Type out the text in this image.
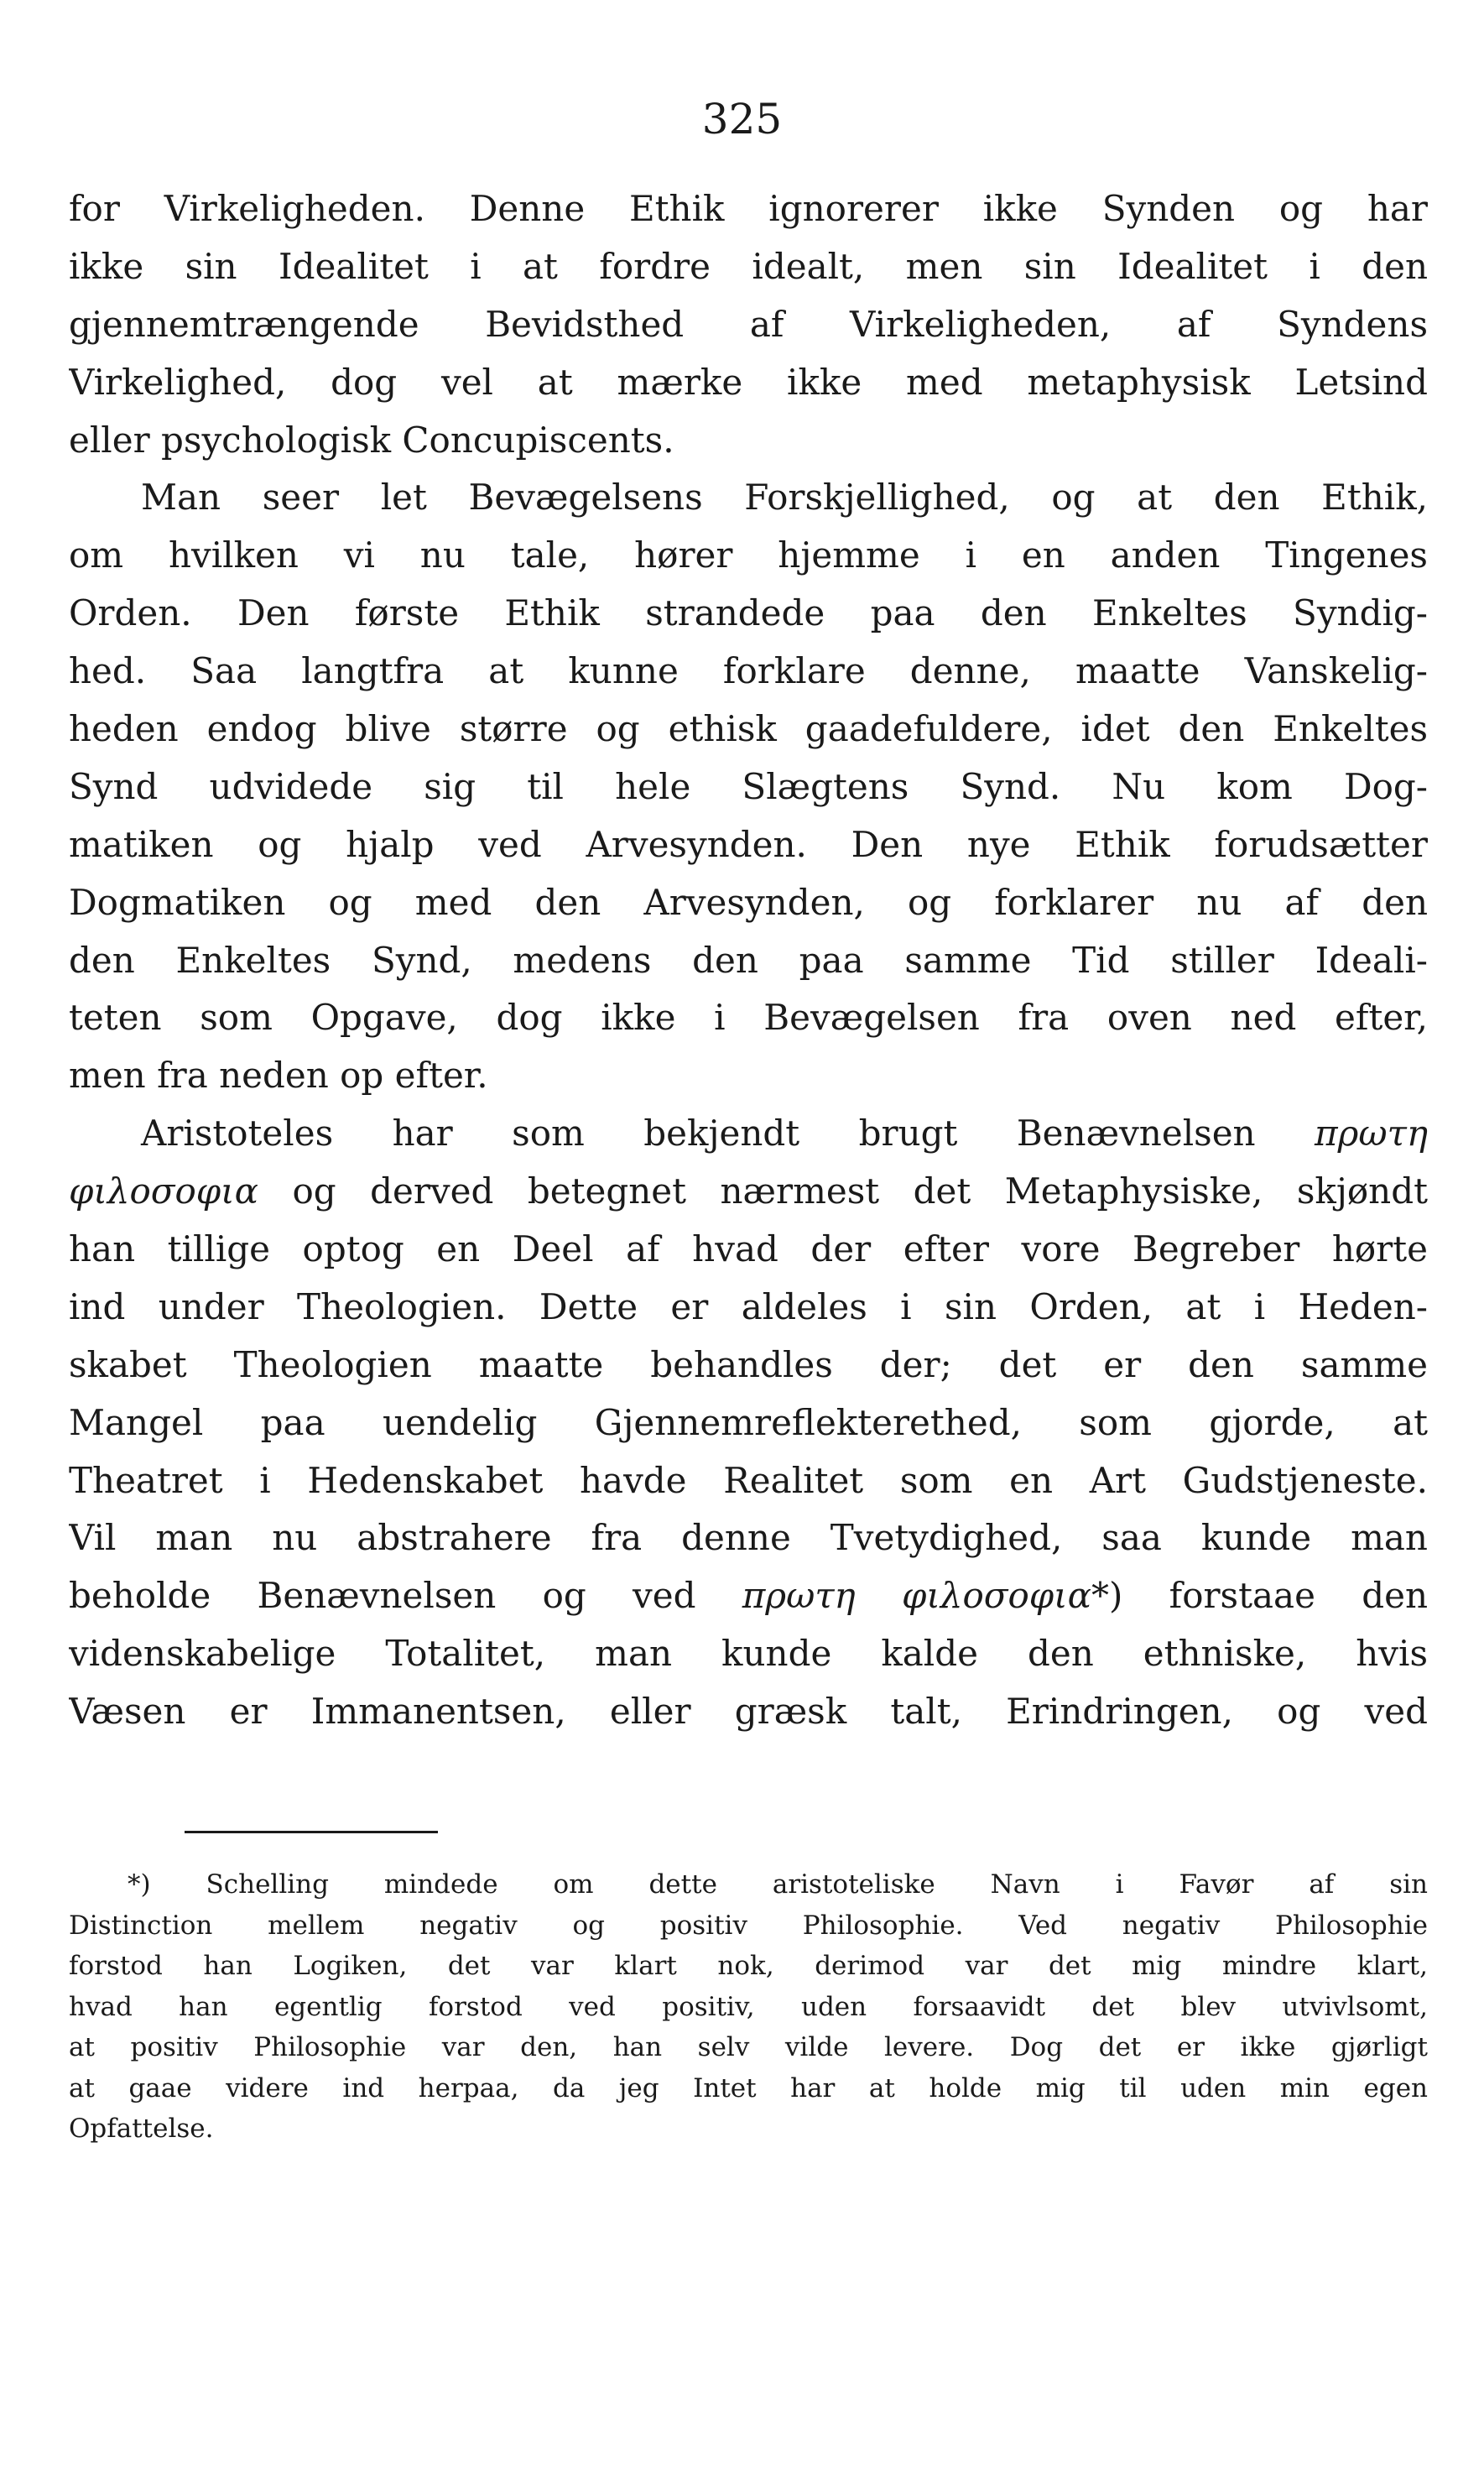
325
for Virkeligheden. Denne Ethik ignorerer ikke Synden og har
ikke sin Idealitet i at fordre idealt, men sin Idealitet i den
gjennemtrængende Bevidsthed af Virkeligheden, af Syndens
Virkelighed, dog vel at mærke ikke med metaphysisk Letsind
eller psychologisk Concupiscents.
Man seer let Bevægelsens Forskjellighed, og at den Ethik,
om hvilken vi nu tale, hører hjemme i en anden Tingenes
Orden. Den første Ethik strandede paa den Enkeltes Syndig-
hed. Saa langtfra at kunne forklare denne, maatte Vanskelig-
heden endog blive større og ethisk gaadefuldere, idet den Enkeltes
Synd udvidede sig til hele Slægtens Synd. Nu kom Dog-
matiken og hjalp ved Arvesynden. Den nye Ethik forudsætter
Dogmatiken og med den Arvesynden, og forklarer nu af den
den Enkeltes Synd, medens den paa samme Tid stiller Ideali-
teten som Opgave, dog ikke i Bevægelsen fra oven ned efter,
men fra neden op efter.
Aristoteles har som bekjendt brugt Benævnelsen πρωτη
φιλοσοφια og derved betegnet nærmest det Metaphysiske, skjøndt
han tillige optog en Deel af hvad der efter vore Begreber hørte
ind under Theologien. Dette er aldeles i sin Orden, at i Heden-
skabet Theologien maatte behandles der; det er den samme
Mangel paa uendelig Gjennemreflekterethed, som gjorde, at
Theatret i Hedenskabet havde Realitet som en Art Gudstjeneste.
Vil man nu abstrahere fra denne Tvetydighed, saa kunde man
beholde Benævnelsen og ved πρωτη φιλοσοφια*) forstaae den
videnskabelige Totalitet, man kunde kalde den ethniske, hvis
Væsen er Immanentsen, eller græsk talt, Erindringen, og ved
*) Schelling mindede om dette aristoteliske Navn i Favør af sin
Distinction mellem negativ og positiv Philosophie. Ved negativ Philosophie
forstod han Logiken, det var klart nok, derimod var det mig mindre klart,
hvad han egentlig forstod ved positiv, uden forsaavidt det blev utvivlsomt,
at positiv Philosophie var den, han selv vilde levere. Dog det er ikke gjørligt
at gaae videre ind herpaa, da jeg Intet har at holde mig til uden min egen
Opfattelse.
